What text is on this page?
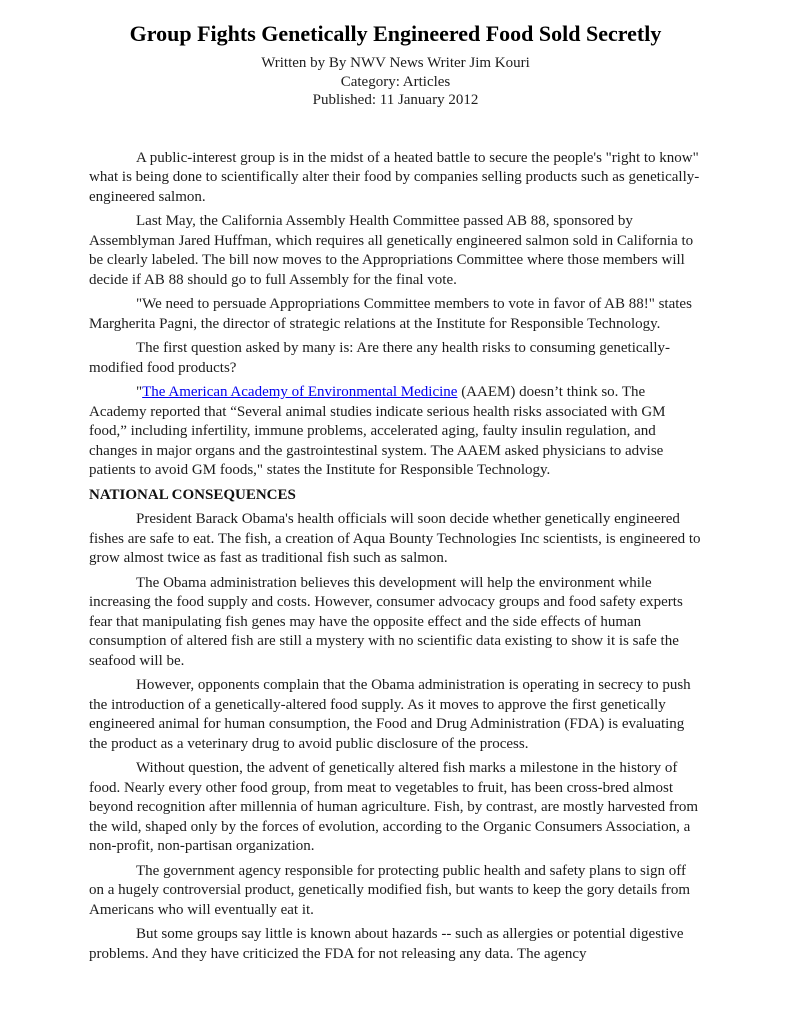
Group Fights Genetically Engineered Food Sold Secretly
Written by By NWV News Writer Jim Kouri
Category: Articles
Published: 11 January 2012

A public-interest group is in the midst of a heated battle to secure the people's "right to know" what is being done to scientifically alter their food by companies selling products such as genetically-engineered salmon.

Last May, the California Assembly Health Committee passed AB 88, sponsored by Assemblyman Jared Huffman, which requires all genetically engineered salmon sold in California to be clearly labeled. The bill now moves to the Appropriations Committee where those members will decide if AB 88 should go to full Assembly for the final vote.

"We need to persuade Appropriations Committee members to vote in favor of AB 88!" states Margherita Pagni, the director of strategic relations at the Institute for Responsible Technology.

The first question asked by many is: Are there any health risks to consuming genetically-modified food products?

"The American Academy of Environmental Medicine (AAEM) doesn’t think so. The Academy reported that “Several animal studies indicate serious health risks associated with GM food,” including infertility, immune problems, accelerated aging, faulty insulin regulation, and changes in major organs and the gastrointestinal system. The AAEM asked physicians to advise patients to avoid GM foods," states the Institute for Responsible Technology.

NATIONAL CONSEQUENCES

President Barack Obama's health officials will soon decide whether genetically engineered fishes are safe to eat. The fish, a creation of Aqua Bounty Technologies Inc scientists, is engineered to grow almost twice as fast as traditional fish such as salmon.

The Obama administration believes this development will help the environment while increasing the food supply and costs. However, consumer advocacy groups and food safety experts fear that manipulating fish genes may have the opposite effect and the side effects of human consumption of altered fish are still a mystery with no scientific data existing to show it is safe the seafood will be.

However, opponents complain that the Obama administration is operating in secrecy to push the introduction of a genetically-altered food supply. As it moves to approve the first genetically engineered animal for human consumption, the Food and Drug Administration (FDA) is evaluating the product as a veterinary drug to avoid public disclosure of the process.

Without question, the advent of genetically altered fish marks a milestone in the history of food. Nearly every other food group, from meat to vegetables to fruit, has been cross-bred almost beyond recognition after millennia of human agriculture. Fish, by contrast, are mostly harvested from the wild, shaped only by the forces of evolution, according to the Organic Consumers Association, a non-profit, non-partisan organization.

The government agency responsible for protecting public health and safety plans to sign off on a hugely controversial product, genetically modified fish, but wants to keep the gory details from Americans who will eventually eat it.

But some groups say little is known about hazards -- such as allergies or potential digestive problems. And they have criticized the FDA for not releasing any data. The agency
